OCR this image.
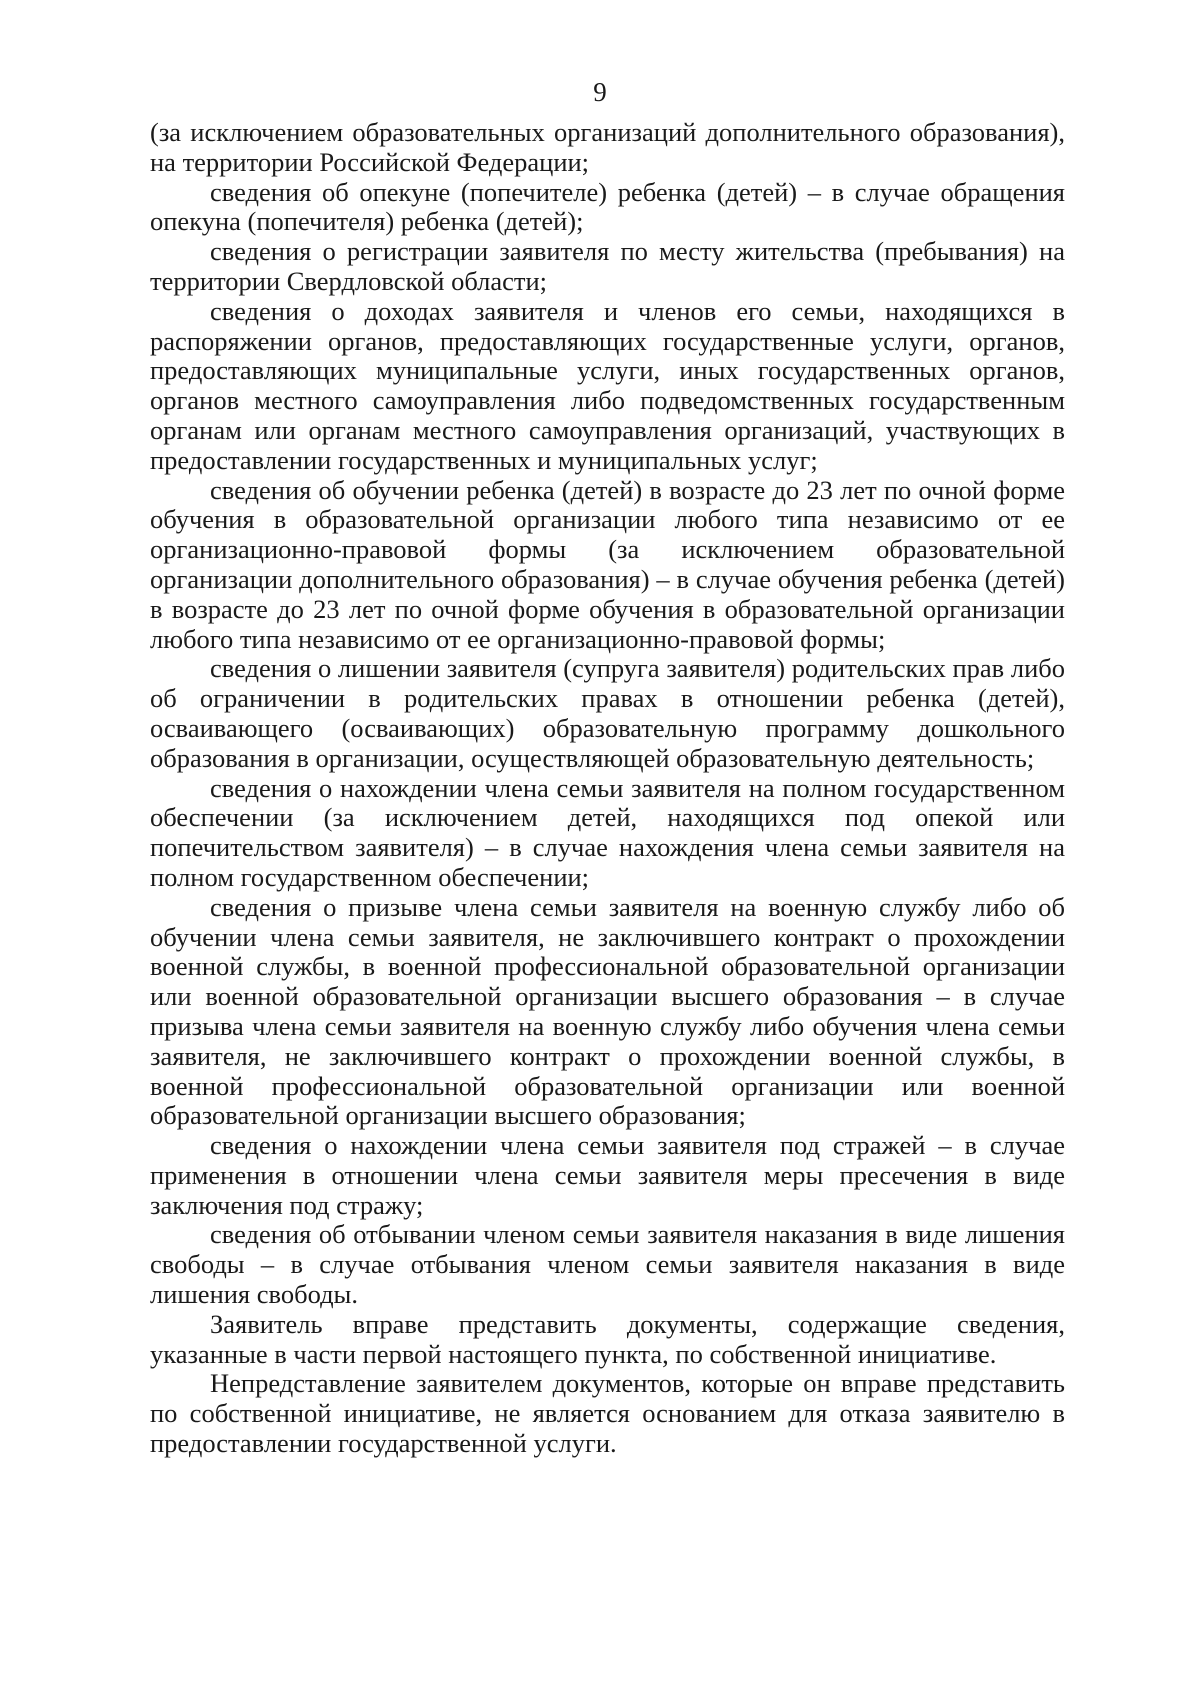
9

(за исключением образовательных организаций дополнительного образования), на территории Российской Федерации;

сведения об опекуне (попечителе) ребенка (детей) – в случае обращения опекуна (попечителя) ребенка (детей);

сведения о регистрации заявителя по месту жительства (пребывания) на территории Свердловской области;

сведения о доходах заявителя и членов его семьи, находящихся в распоряжении органов, предоставляющих государственные услуги, органов, предоставляющих муниципальные услуги, иных государственных органов, органов местного самоуправления либо подведомственных государственным органам или органам местного самоуправления организаций, участвующих в предоставлении государственных и муниципальных услуг;

сведения об обучении ребенка (детей) в возрасте до 23 лет по очной форме обучения в образовательной организации любого типа независимо от ее организационно-правовой формы (за исключением образовательной организации дополнительного образования) – в случае обучения ребенка (детей) в возрасте до 23 лет по очной форме обучения в образовательной организации любого типа независимо от ее организационно-правовой формы;

сведения о лишении заявителя (супруга заявителя) родительских прав либо об ограничении в родительских правах в отношении ребенка (детей), осваивающего (осваивающих) образовательную программу дошкольного образования в организации, осуществляющей образовательную деятельность;

сведения о нахождении члена семьи заявителя на полном государственном обеспечении (за исключением детей, находящихся под опекой или попечительством заявителя) – в случае нахождения члена семьи заявителя на полном государственном обеспечении;

сведения о призыве члена семьи заявителя на военную службу либо об обучении члена семьи заявителя, не заключившего контракт о прохождении военной службы, в военной профессиональной образовательной организации или военной образовательной организации высшего образования – в случае призыва члена семьи заявителя на военную службу либо обучения члена семьи заявителя, не заключившего контракт о прохождении военной службы, в военной профессиональной образовательной организации или военной образовательной организации высшего образования;

сведения о нахождении члена семьи заявителя под стражей – в случае применения в отношении члена семьи заявителя меры пресечения в виде заключения под стражу;

сведения об отбывании членом семьи заявителя наказания в виде лишения свободы – в случае отбывания членом семьи заявителя наказания в виде лишения свободы.

Заявитель вправе представить документы, содержащие сведения, указанные в части первой настоящего пункта, по собственной инициативе.

Непредставление заявителем документов, которые он вправе представить по собственной инициативе, не является основанием для отказа заявителю в предоставлении государственной услуги.
